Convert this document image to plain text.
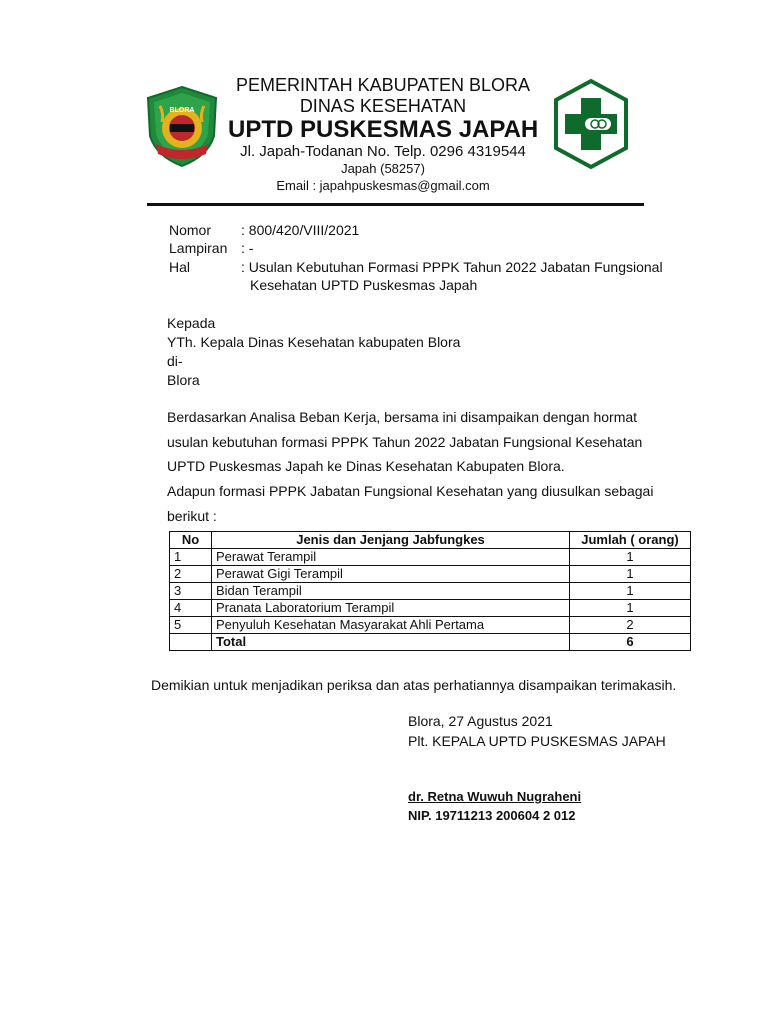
BLORA
PEMERINTAH KABUPATEN BLORA
DINAS KESEHATAN
UPTD PUSKESMAS JAPAH
Jl. Japah-Todanan No. Telp. 0296 4319544
Japah (58257)
Email : japahpuskesmas@gmail.com
Nomor : 800/420/VIII/2021
Lampiran : -
Hal	: Usulan Kebutuhan Formasi PPPK Tahun 2022 Jabatan Fungsional
Kesehatan UPTD Puskesmas Japah
Kepada
YTh. Kepala Dinas Kesehatan kabupaten Blora
di-
Blora
Berdasarkan Analisa Beban Kerja, bersama ini disampaikan dengan hormat
usulan kebutuhan formasi PPPK Tahun 2022 Jabatan Fungsional Kesehatan
UPTD Puskesmas Japah ke Dinas Kesehatan Kabupaten Blora.
Adapun formasi PPPK Jabatan Fungsional Kesehatan yang diusulkan sebagai
berikut :
No	Jenis dan Jenjang Jabfungkes	Jumlah ( orang)
1	Perawat Terampil	1
2	Perawat Gigi Terampil	1
3	Bidan Terampil	1
4	Pranata Laboratorium Terampil	1
5	Penyuluh Kesehatan Masyarakat Ahli Pertama	2
	Total	6
Demikian untuk menjadikan periksa dan atas perhatiannya disampaikan terimakasih.
Blora, 27 Agustus 2021
Plt. KEPALA UPTD PUSKESMAS JAPAH
dr. Retna Wuwuh Nugraheni
NIP. 19711213 200604 2 012
